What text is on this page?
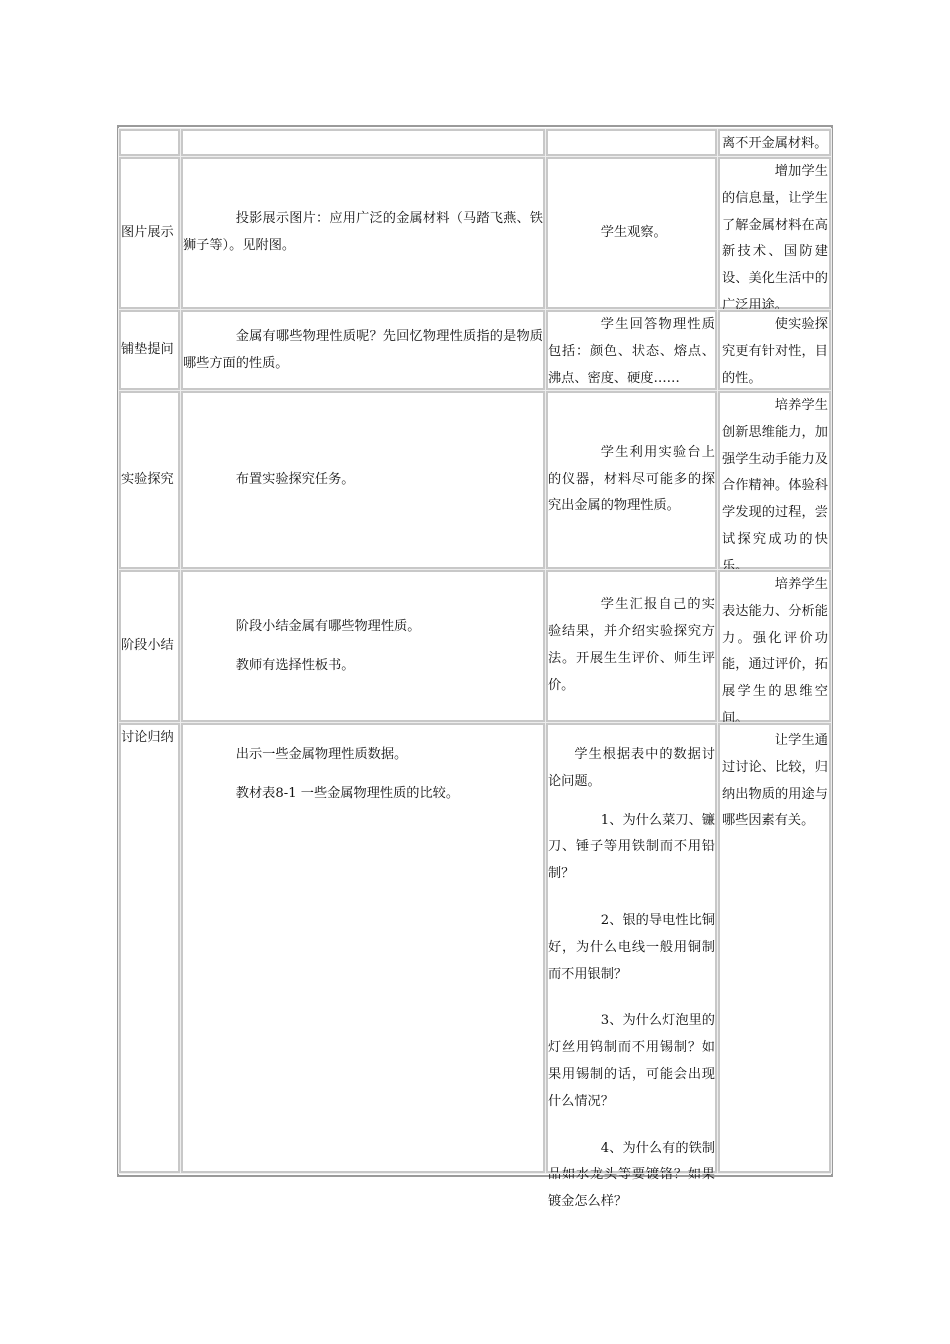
离不开金属材料。

图片展示

投影展示图片：应用广泛的金属材料（马踏飞燕、铁狮子等）。见附图。

学生观察。

增加学生的信息量，让学生了解金属材料在高新技术、国防建设、美化生活中的广泛用途。

铺垫提问

金属有哪些物理性质呢？先回忆物理性质指的是物质哪些方面的性质。

学生回答物理性质包括：颜色、状态、熔点、沸点、密度、硬度……

使实验探究更有针对性，目的性。

实验探究	布置实验探究任务。

学生利用实验台上的仪器，材料尽可能多的探究出金属的物理性质。

培养学生创新思维能力，加强学生动手能力及合作精神。体验科学发现的过程，尝试探究成功的快乐。

阶段小结

阶段小结金属有哪些物理性质。

教师有选择性板书。

学生汇报自己的实验结果，并介绍实验探究方法。开展生生评价、师生评价。

培养学生表达能力、分析能力。强化评价功能，通过评价，拓展学生的思维空间。

讨论归纳

出示一些金属物理性质数据。

教材表8-1 一些金属物理性质的比较。

学生根据表中的数据讨论问题。

1、为什么菜刀、镰刀、锤子等用铁制而不用铅制？

2、银的导电性比铜好，为什么电线一般用铜制而不用银制？

3、为什么灯泡里的灯丝用钨制而不用锡制？如果用锡制的话，可能会出现什么情况？

4、为什么有的铁制品如水龙头等要镀铬？如果镀金怎么样？

让学生通过讨论、比较，归纳出物质的用途与哪些因素有关。
